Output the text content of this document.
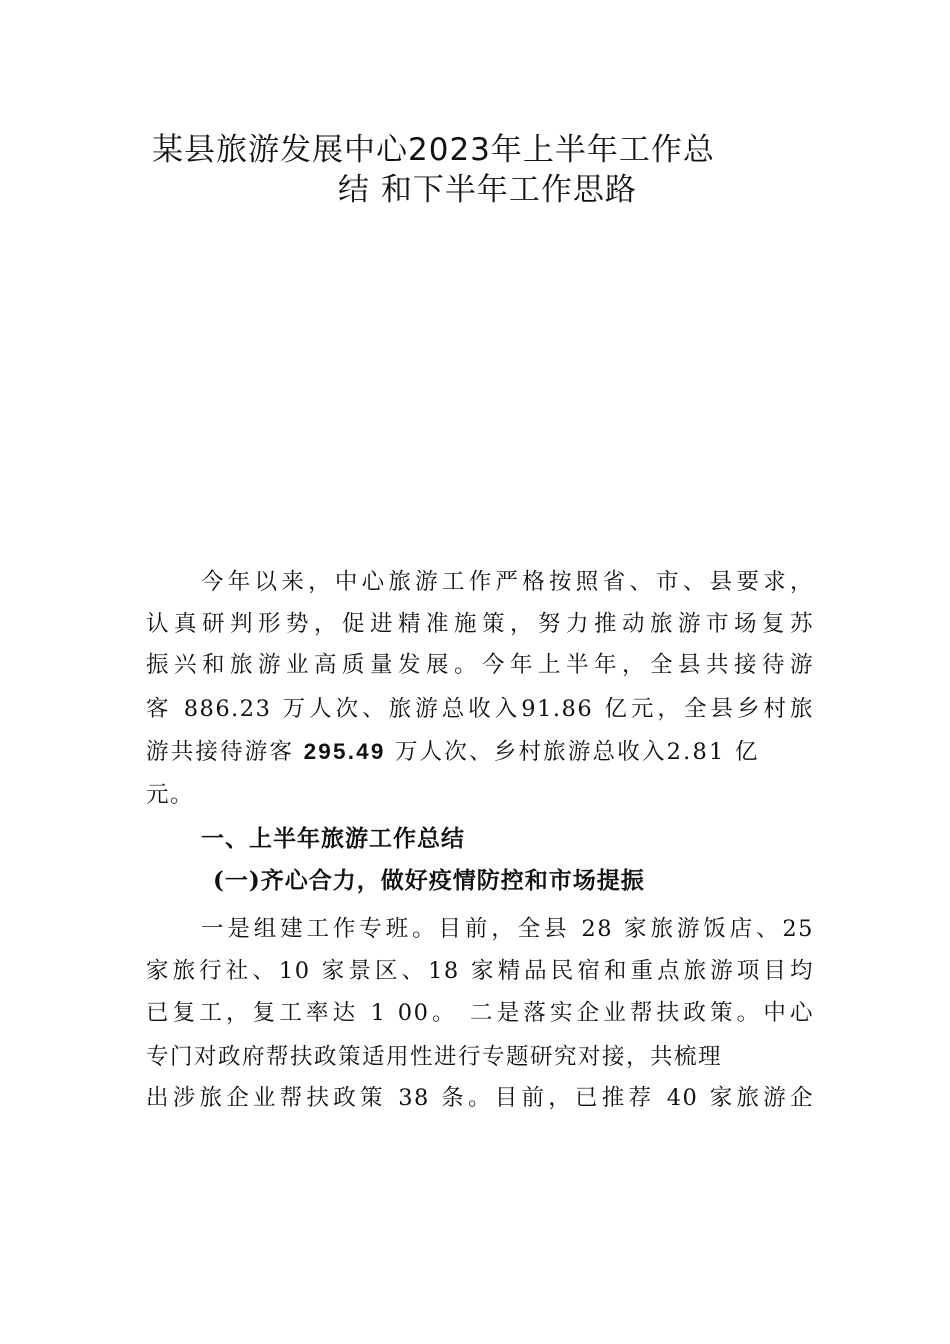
某县旅游发展中心2023年上半年工作总
结 和下半年工作思路
今年以来，中心旅游工作严格按照省、市、县要求，
认真研判形势，促进精准施策，努力推动旅游市场复苏
振兴和旅游业高质量发展。今年上半年，全县共接待游
客 886.23 万人次、旅游总收入91.86 亿元，全县乡村旅
游共接待游客 295.49 万人次、乡村旅游总收入2.81 亿
元。
一、上半年旅游工作总结
(一)齐心合力，做好疫情防控和市场提振
一是组建工作专班。目前，全县 28 家旅游饭店、25
家旅行社、10 家景区、18 家精品民宿和重点旅游项目均
已复工，复工率达 1 00。 二是落实企业帮扶政策。中心
专门对政府帮扶政策适用性进行专题研究对接，共梳理
出涉旅企业帮扶政策 38 条。目前，已推荐 40 家旅游企
